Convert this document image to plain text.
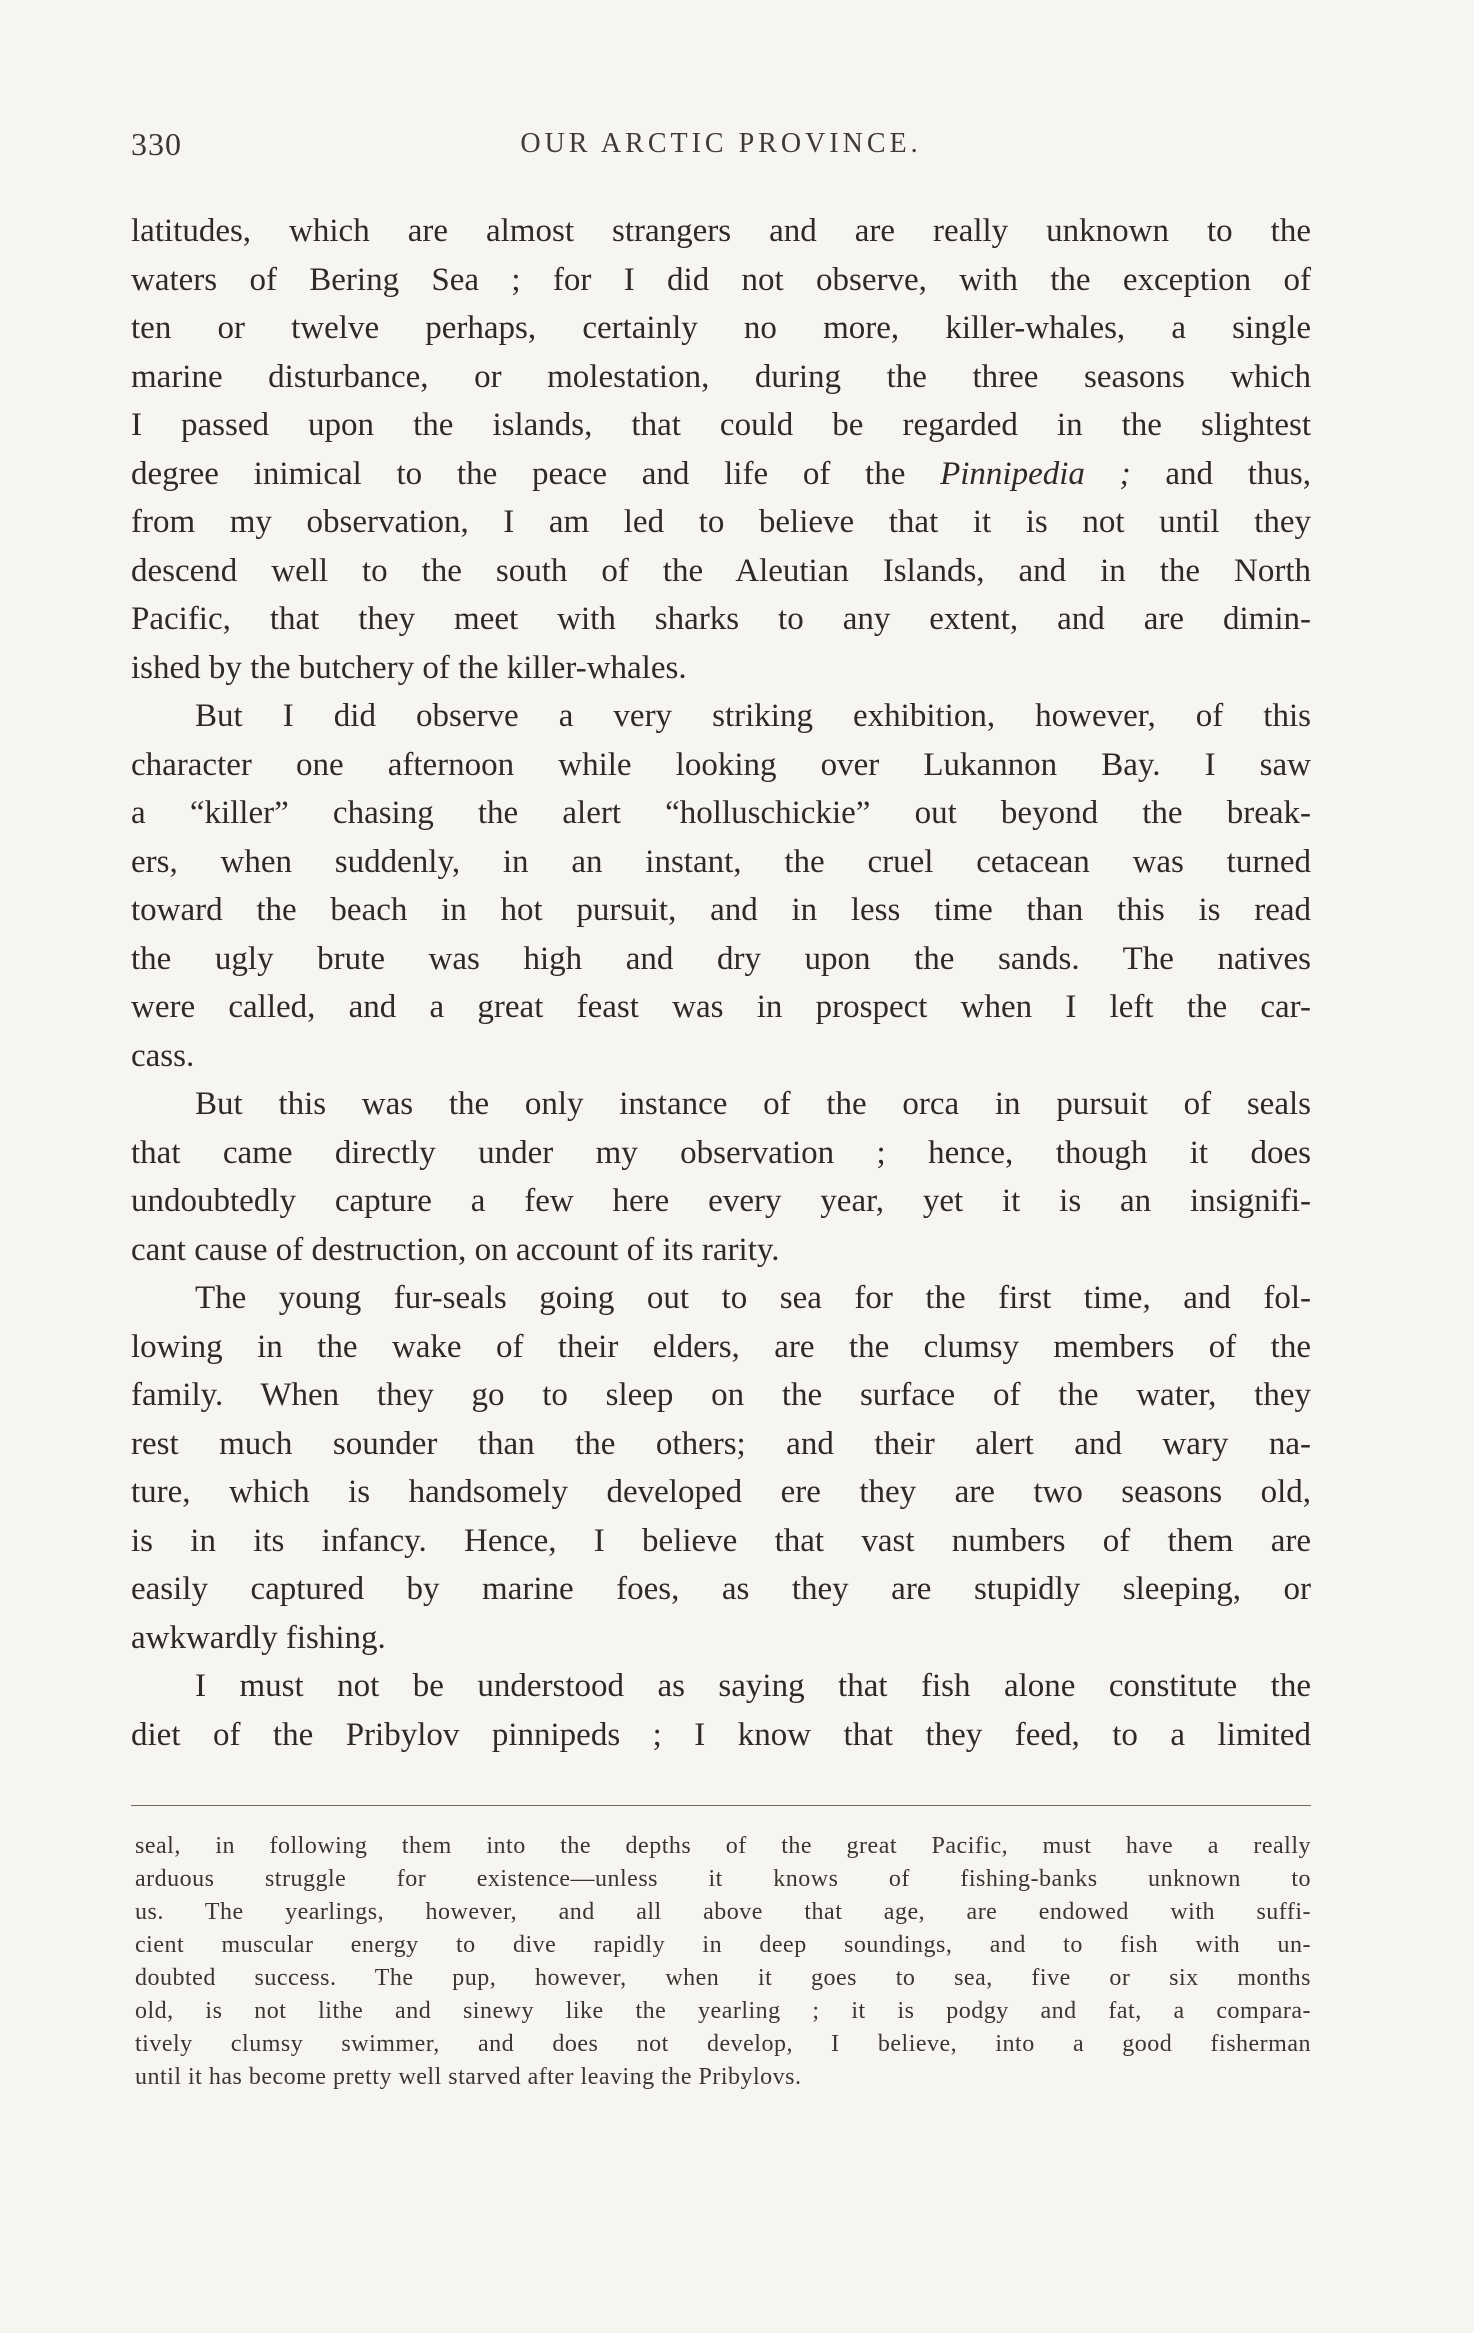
330	OUR ARCTIC PROVINCE.
latitudes, which are almost strangers and are really unknown to the
waters of Bering Sea ; for I did not observe, with the exception of
ten or twelve perhaps, certainly no more, killer-whales, a single
marine disturbance, or molestation, during the three seasons which
I passed upon the islands, that could be regarded in the slightest
degree inimical to the peace and life of the Pinnipedia ; and thus,
from my observation, I am led to believe that it is not until they
descend well to the south of the Aleutian Islands, and in the North
Pacific, that they meet with sharks to any extent, and are dimin-
ished by the butchery of the killer-whales.
But I did observe a very striking exhibition, however, of this
character one afternoon while looking over Lukannon Bay. I saw
a “killer” chasing the alert “holluschickie” out beyond the break-
ers, when suddenly, in an instant, the cruel cetacean was turned
toward the beach in hot pursuit, and in less time than this is read
the ugly brute was high and dry upon the sands. The natives
were called, and a great feast was in prospect when I left the car-
cass.
But this was the only instance of the orca in pursuit of seals
that came directly under my observation ; hence, though it does
undoubtedly capture a few here every year, yet it is an insignifi-
cant cause of destruction, on account of its rarity.
The young fur-seals going out to sea for the first time, and fol-
lowing in the wake of their elders, are the clumsy members of the
family. When they go to sleep on the surface of the water, they
rest much sounder than the others; and their alert and wary na-
ture, which is handsomely developed ere they are two seasons old,
is in its infancy. Hence, I believe that vast numbers of them are
easily captured by marine foes, as they are stupidly sleeping, or
awkwardly fishing.
I must not be understood as saying that fish alone constitute the
diet of the Pribylov pinnipeds ; I know that they feed, to a limited
seal, in following them into the depths of the great Pacific, must have a really
arduous struggle for existence—unless it knows of fishing-banks unknown to
us. The yearlings, however, and all above that age, are endowed with suffi-
cient muscular energy to dive rapidly in deep soundings, and to fish with un-
doubted success. The pup, however, when it goes to sea, five or six months
old, is not lithe and sinewy like the yearling ; it is podgy and fat, a compara-
tively clumsy swimmer, and does not develop, I believe, into a good fisherman
until it has become pretty well starved after leaving the Pribylovs.
